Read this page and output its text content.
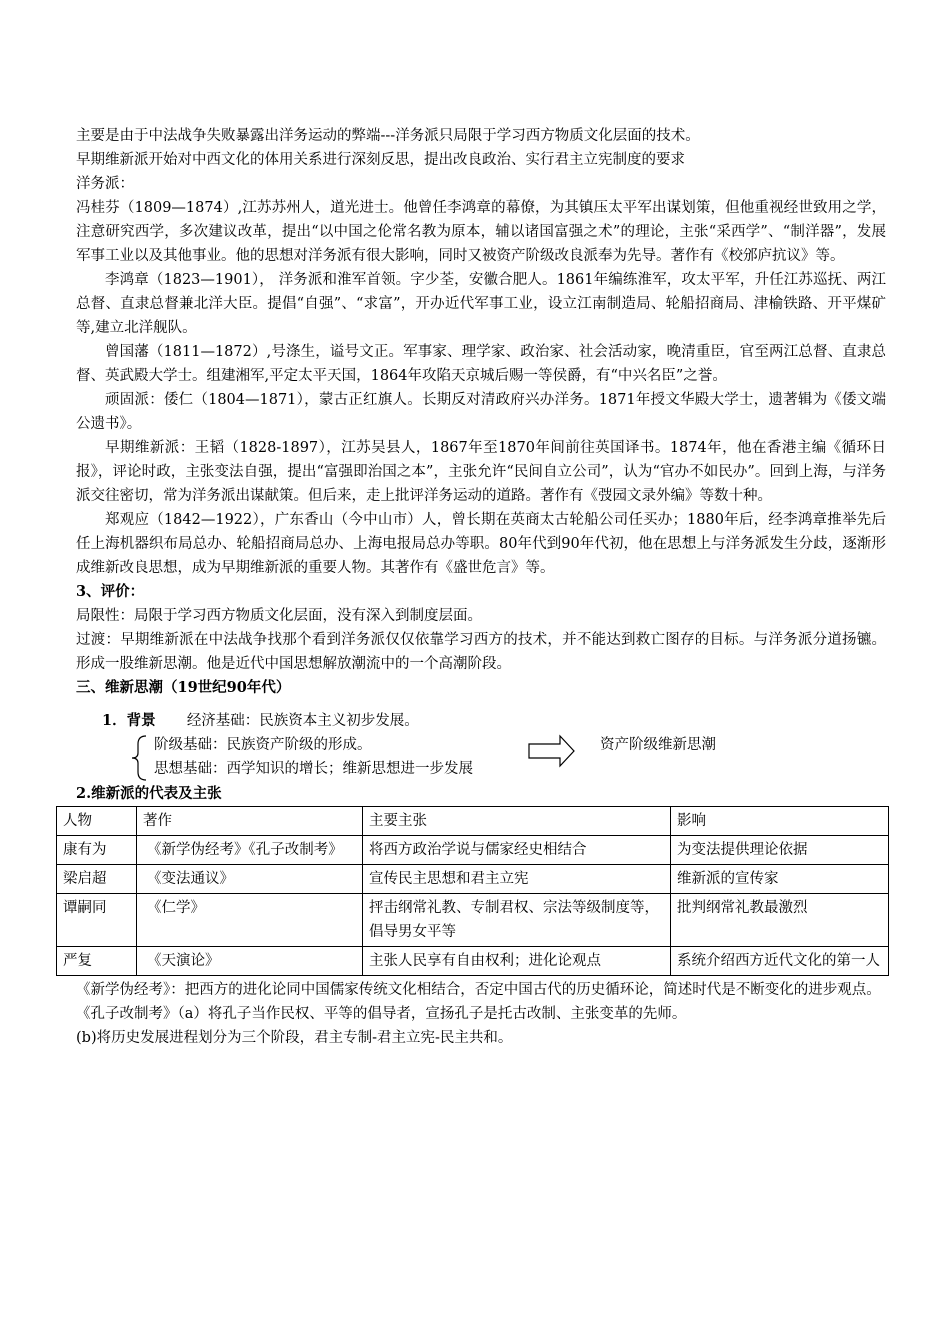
主要是由于中法战争失败暴露出洋务运动的弊端---洋务派只局限于学习西方物质文化层面的技术。

早期维新派开始对中西文化的体用关系进行深刻反思，提出改良政治、实行君主立宪制度的要求

洋务派：

冯桂芬（1809—1874）,江苏苏州人，道光进士。他曾任李鸿章的幕僚，为其镇压太平军出谋划策，但他重视经世致用之学，注意研究西学，多次建议改革，提出“以中国之伦常名教为原本，辅以诸国富强之术”的理论，主张“采西学”、“制洋器”，发展军事工业以及其他事业。他的思想对洋务派有很大影响，同时又被资产阶级改良派奉为先导。著作有《校邠庐抗议》等。

李鸿章（1823—1901）， 洋务派和淮军首领。字少荃，安徽合肥人。1861年编练淮军，攻太平军，升任江苏巡抚、两江总督、直隶总督兼北洋大臣。提倡“自强”、“求富”，开办近代军事工业，设立江南制造局、轮船招商局、津榆铁路、开平煤矿等,建立北洋舰队。

曾国藩（1811—1872）,号涤生，谥号文正。军事家、理学家、政治家、社会活动家，晚清重臣，官至两江总督、直隶总督、英武殿大学士。组建湘军,平定太平天国，1864年攻陷天京城后赐一等侯爵，有“中兴名臣”之誉。

顽固派：倭仁（1804—1871），蒙古正红旗人。长期反对清政府兴办洋务。1871年授文华殿大学士，遗著辑为《倭文端公遗书》。

早期维新派：王韬（1828-1897），江苏吴县人，1867年至1870年间前往英国译书。1874年，他在香港主编《循环日报》，评论时政，主张变法自强，提出“富强即治国之本”，主张允许“民间自立公司”，认为“官办不如民办”。回到上海，与洋务派交往密切，常为洋务派出谋献策。但后来，走上批评洋务运动的道路。著作有《弢园文录外编》等数十种。

郑观应（1842—1922），广东香山（今中山市）人，曾长期在英商太古轮船公司任买办；1880年后，经李鸿章推举先后任上海机器织布局总办、轮船招商局总办、上海电报局总办等职。80年代到90年代初，他在思想上与洋务派发生分歧，逐渐形成维新改良思想，成为早期维新派的重要人物。其著作有《盛世危言》等。

3、评价：

局限性：局限于学习西方物质文化层面，没有深入到制度层面。

过渡：早期维新派在中法战争找那个看到洋务派仅仅依靠学习西方的技术，并不能达到救亡图存的目标。与洋务派分道扬镳。形成一股维新思潮。他是近代中国思想解放潮流中的一个高潮阶段。

三、维新思潮（19世纪90年代）

1．背景 经济基础：民族资本主义初步发展。
阶级基础：民族资产阶级的形成。
思想基础：西学知识的增长；维新思想进一步发展
资产阶级维新思潮

2.维新派的代表及主张

人物	著作	主要主张	影响
康有为	《新学伪经考》《孔子改制考》	将西方政治学说与儒家经史相结合	为变法提供理论依据
梁启超	《变法通议》	宣传民主思想和君主立宪	维新派的宣传家
谭嗣同	《仁学》	抨击纲常礼教、专制君权、宗法等级制度等，倡导男女平等	批判纲常礼教最激烈
严复	《天演论》	主张人民享有自由权利；进化论观点	系统介绍西方近代文化的第一人

《新学伪经考》：把西方的进化论同中国儒家传统文化相结合，否定中国古代的历史循环论，简述时代是不断变化的进步观点。

《孔子改制考》（a）将孔子当作民权、平等的倡导者，宣扬孔子是托古改制、主张变革的先师。

(b)将历史发展进程划分为三个阶段，君主专制-君主立宪-民主共和。
